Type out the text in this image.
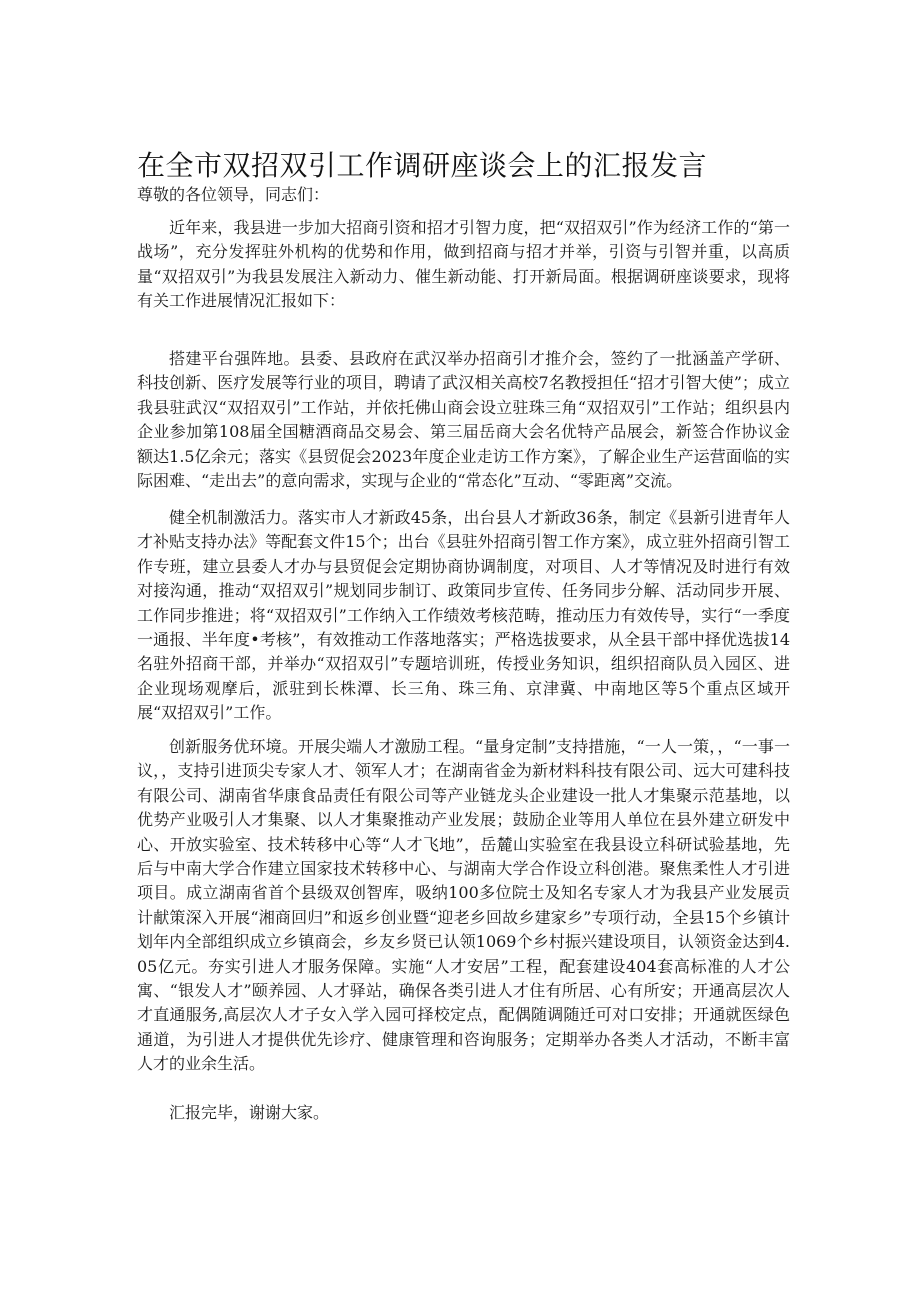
在全市双招双引工作调研座谈会上的汇报发言
尊敬的各位领导，同志们：

近年来，我县进一步加大招商引资和招才引智力度，把“双招双引”作为经济工作的“第一战场”，充分发挥驻外机构的优势和作用，做到招商与招才并举，引资与引智并重，以高质量“双招双引”为我县发展注入新动力、催生新动能、打开新局面。根据调研座谈要求，现将有关工作进展情况汇报如下：

搭建平台强阵地。县委、县政府在武汉举办招商引才推介会，签约了一批涵盖产学研、科技创新、医疗发展等行业的项目，聘请了武汉相关高校7名教授担任“招才引智大使”；成立我县驻武汉“双招双引”工作站，并依托佛山商会设立驻珠三角“双招双引”工作站；组织县内企业参加第108届全国糖酒商品交易会、第三届岳商大会名优特产品展会，新签合作协议金额达1.5亿余元；落实《县贸促会2023年度企业走访工作方案》，了解企业生产运营面临的实际困难、“走出去”的意向需求，实现与企业的“常态化”互动、“零距离”交流。

健全机制激活力。落实市人才新政45条，出台县人才新政36条，制定《县新引进青年人才补贴支持办法》等配套文件15个；出台《县驻外招商引智工作方案》，成立驻外招商引智工作专班，建立县委人才办与县贸促会定期协商协调制度，对项目、人才等情况及时进行有效对接沟通，推动“双招双引”规划同步制订、政策同步宣传、任务同步分解、活动同步开展、工作同步推进；将“双招双引”工作纳入工作绩效考核范畴，推动压力有效传导，实行“一季度一通报、半年度•考核”，有效推动工作落地落实；严格选拔要求，从全县干部中择优选拔14名驻外招商干部，并举办“双招双引”专题培训班，传授业务知识，组织招商队员入园区、进企业现场观摩后，派驻到长株潭、长三角、珠三角、京津冀、中南地区等5个重点区域开展“双招双引”工作。

创新服务优环境。开展尖端人才激励工程。“量身定制”支持措施，“一人一策，，“一事一议，，支持引进顶尖专家人才、领军人才；在湖南省金为新材料科技有限公司、远大可建科技有限公司、湖南省华康食品责任有限公司等产业链龙头企业建设一批人才集聚示范基地，以优势产业吸引人才集聚、以人才集聚推动产业发展；鼓励企业等用人单位在县外建立研发中心、开放实验室、技术转移中心等“人才飞地”，岳麓山实验室在我县设立科研试验基地，先后与中南大学合作建立国家技术转移中心、与湖南大学合作设立科创港。聚焦柔性人才引进项目。成立湖南省首个县级双创智库，吸纳100多位院士及知名专家人才为我县产业发展贡计献策深入开展“湘商回归”和返乡创业暨“迎老乡回故乡建家乡”专项行动，全县15个乡镇计划年内全部组织成立乡镇商会，乡友乡贤已认领1069个乡村振兴建设项目，认领资金达到4.05亿元。夯实引进人才服务保障。实施“人才安居”工程，配套建设404套高标准的人才公寓、“银发人才”颐养园、人才驿站，确保各类引进人才住有所居、心有所安；开通高层次人才直通服务,高层次人才子女入学入园可择校定点，配偶随调随迁可对口安排；开通就医绿色通道，为引进人才提供优先诊疗、健康管理和咨询服务；定期举办各类人才活动，不断丰富人才的业余生活。

汇报完毕，谢谢大家。
